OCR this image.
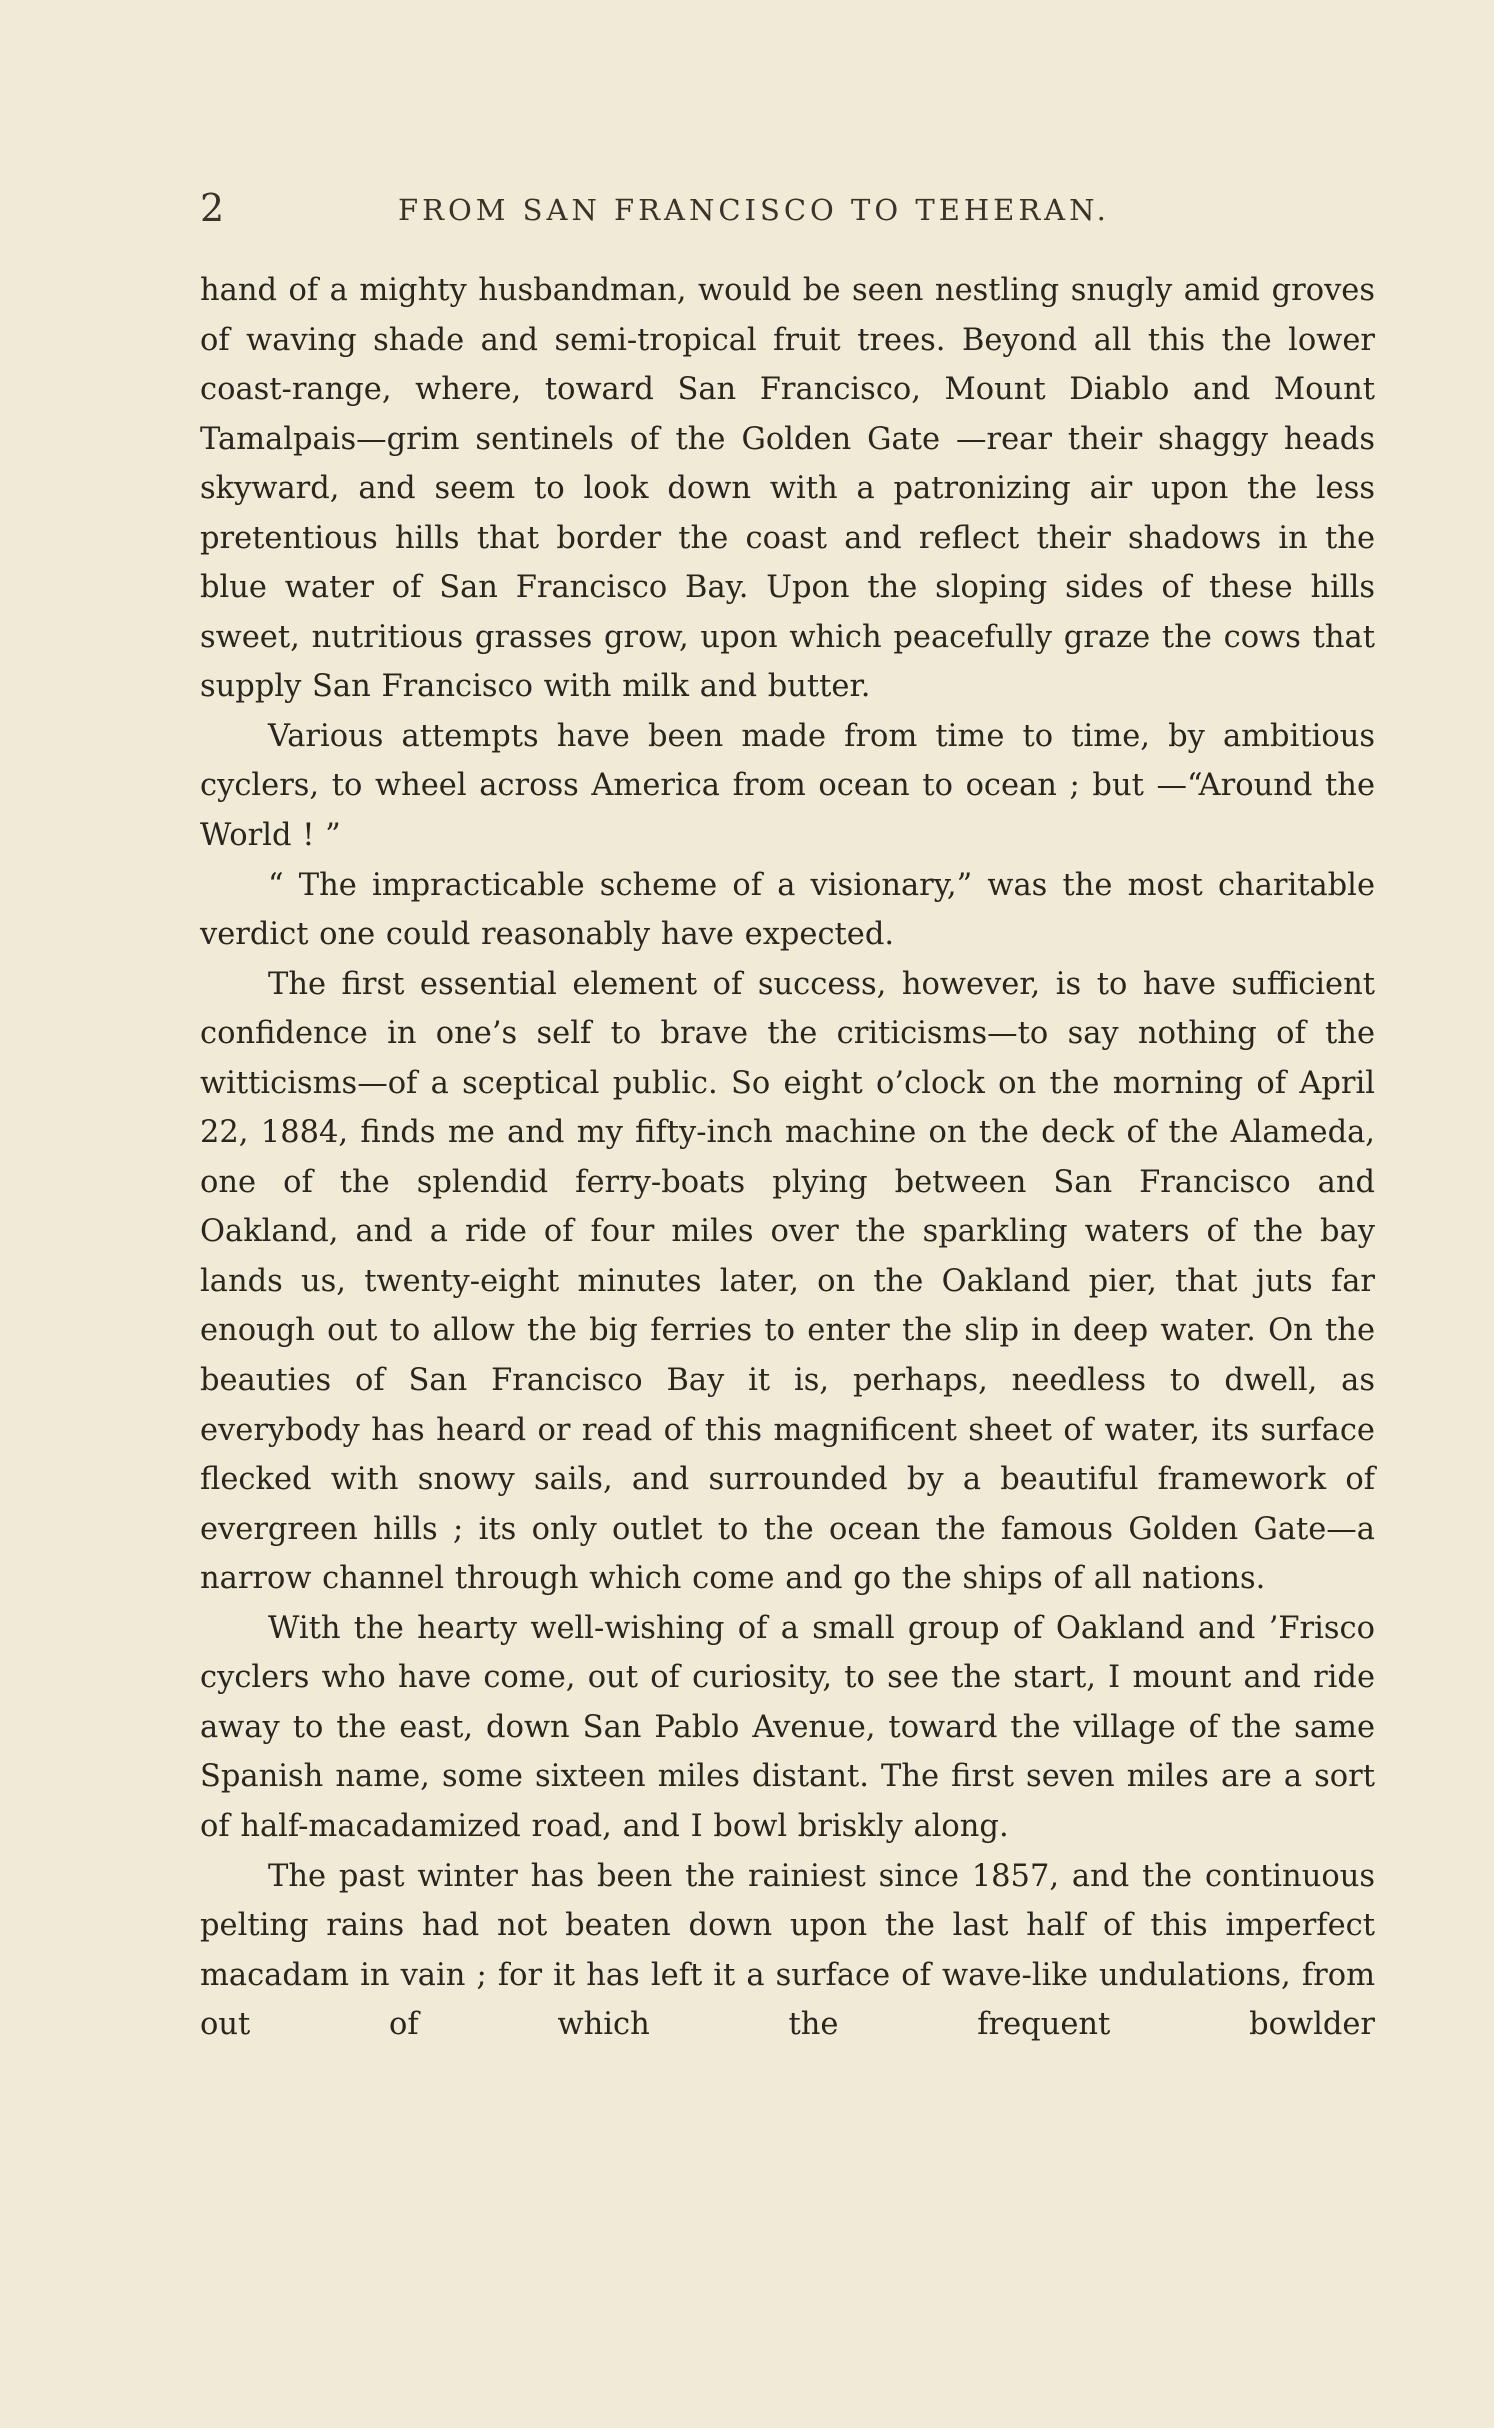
2	FROM SAN FRANCISCO TO TEHERAN.

hand of a mighty husbandman, would be seen nestling snugly amid groves of waving shade and semi-tropical fruit trees. Beyond all this the lower coast-range, where, toward San Francisco, Mount Diablo and Mount Tamalpais—grim sentinels of the Golden Gate —rear their shaggy heads skyward, and seem to look down with a patronizing air upon the less pretentious hills that border the coast and reflect their shadows in the blue water of San Francisco Bay. Upon the sloping sides of these hills sweet, nutritious grasses grow, upon which peacefully graze the cows that supply San Francisco with milk and butter.

Various attempts have been made from time to time, by ambitious cyclers, to wheel across America from ocean to ocean ; but —“Around the World ! ”

“ The impracticable scheme of a visionary,” was the most charitable verdict one could reasonably have expected.

The first essential element of success, however, is to have sufficient confidence in one’s self to brave the criticisms—to say nothing of the witticisms—of a sceptical public. So eight o’clock on the morning of April 22, 1884, finds me and my fifty-inch machine on the deck of the Alameda, one of the splendid ferry-boats plying between San Francisco and Oakland, and a ride of four miles over the sparkling waters of the bay lands us, twenty-eight minutes later, on the Oakland pier, that juts far enough out to allow the big ferries to enter the slip in deep water. On the beauties of San Francisco Bay it is, perhaps, needless to dwell, as everybody has heard or read of this magnificent sheet of water, its surface flecked with snowy sails, and surrounded by a beautiful framework of evergreen hills ; its only outlet to the ocean the famous Golden Gate—a narrow channel through which come and go the ships of all nations.

With the hearty well-wishing of a small group of Oakland and ’Frisco cyclers who have come, out of curiosity, to see the start, I mount and ride away to the east, down San Pablo Avenue, toward the village of the same Spanish name, some sixteen miles distant. The first seven miles are a sort of half-macadamized road, and I bowl briskly along.

The past winter has been the rainiest since 1857, and the continuous pelting rains had not beaten down upon the last half of this imperfect macadam in vain ; for it has left it a surface of wave-like undulations, from out of which the frequent bowlder
